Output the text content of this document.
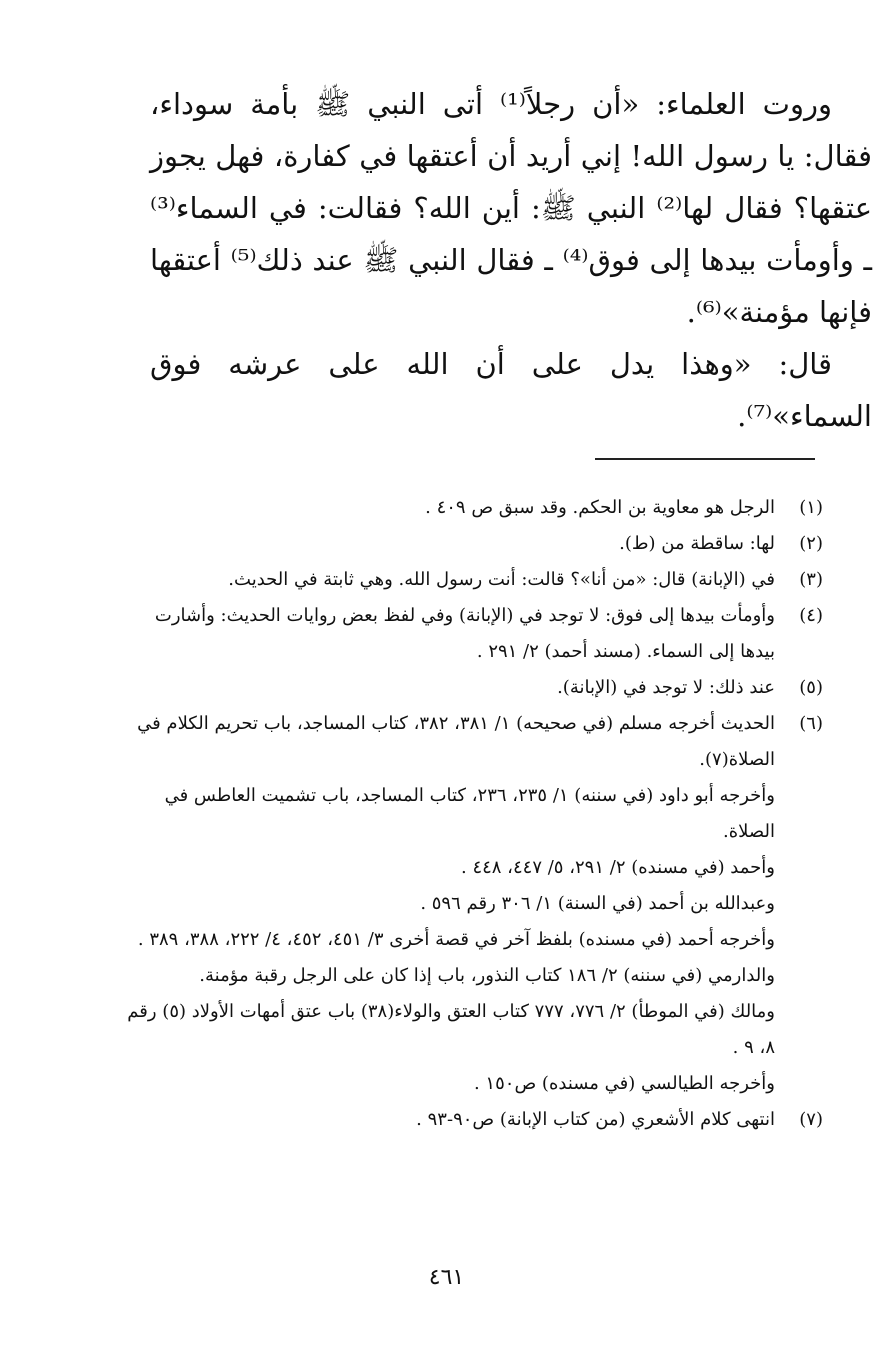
وروت العلماء: «أن رجلاً⁽¹⁾ أتى النبي ﷺ بأمة سوداء، فقال: يا رسول الله! إني أريد أن أعتقها في كفارة، فهل يجوز عتقها؟ فقال لها⁽²⁾ النبي ﷺ: أين الله؟ فقالت: في السماء⁽³⁾ ـ وأومأت بيدها إلى فوق⁽⁴⁾ ـ فقال النبي ﷺ عند ذلك⁽⁵⁾ أعتقها فإنها مؤمنة»⁽⁶⁾.

قال: «وهذا يدل على أن الله على عرشه فوق السماء»⁽⁷⁾.

(١)

الرجل هو معاوية بن الحكم. وقد سبق ص ٤٠٩ .

(٢)

لها: ساقطة من (ط).

(٣)

في (الإبانة) قال: «من أنا»؟ قالت: أنت رسول الله. وهي ثابتة في الحديث.

(٤)

وأومأت بيدها إلى فوق: لا توجد في (الإبانة) وفي لفظ بعض روايات الحديث: وأشارت بيدها إلى السماء. (مسند أحمد) ٢/ ٢٩١ .

(٥)

عند ذلك: لا توجد في (الإبانة).

(٦)

الحديث أخرجه مسلم (في صحيحه) ١/ ٣٨١، ٣٨٢، كتاب المساجد، باب تحريم الكلام في الصلاة(٧).

وأخرجه أبو داود (في سننه) ١/ ٢٣٥، ٢٣٦، كتاب المساجد، باب تشميت العاطس في الصلاة.

وأحمد (في مسنده) ٢/ ٢٩١، ٥/ ٤٤٧، ٤٤٨ .

وعبدالله بن أحمد (في السنة) ١/ ٣٠٦ رقم ٥٩٦ .

وأخرجه أحمد (في مسنده) بلفظ آخر في قصة أخرى ٣/ ٤٥١، ٤٥٢، ٤/ ٢٢٢، ٣٨٨، ٣٨٩ .

والدارمي (في سننه) ٢/ ١٨٦ كتاب النذور، باب إذا كان على الرجل رقبة مؤمنة.

ومالك (في الموطأ) ٢/ ٧٧٦، ٧٧٧ كتاب العتق والولاء(٣٨) باب عتق أمهات الأولاد (٥) رقم ٨، ٩ .

وأخرجه الطيالسي (في مسنده) ص١٥٠ .

(٧)

انتهى كلام الأشعري (من كتاب الإبانة) ص٩٠-٩٣ .

٤٦١
